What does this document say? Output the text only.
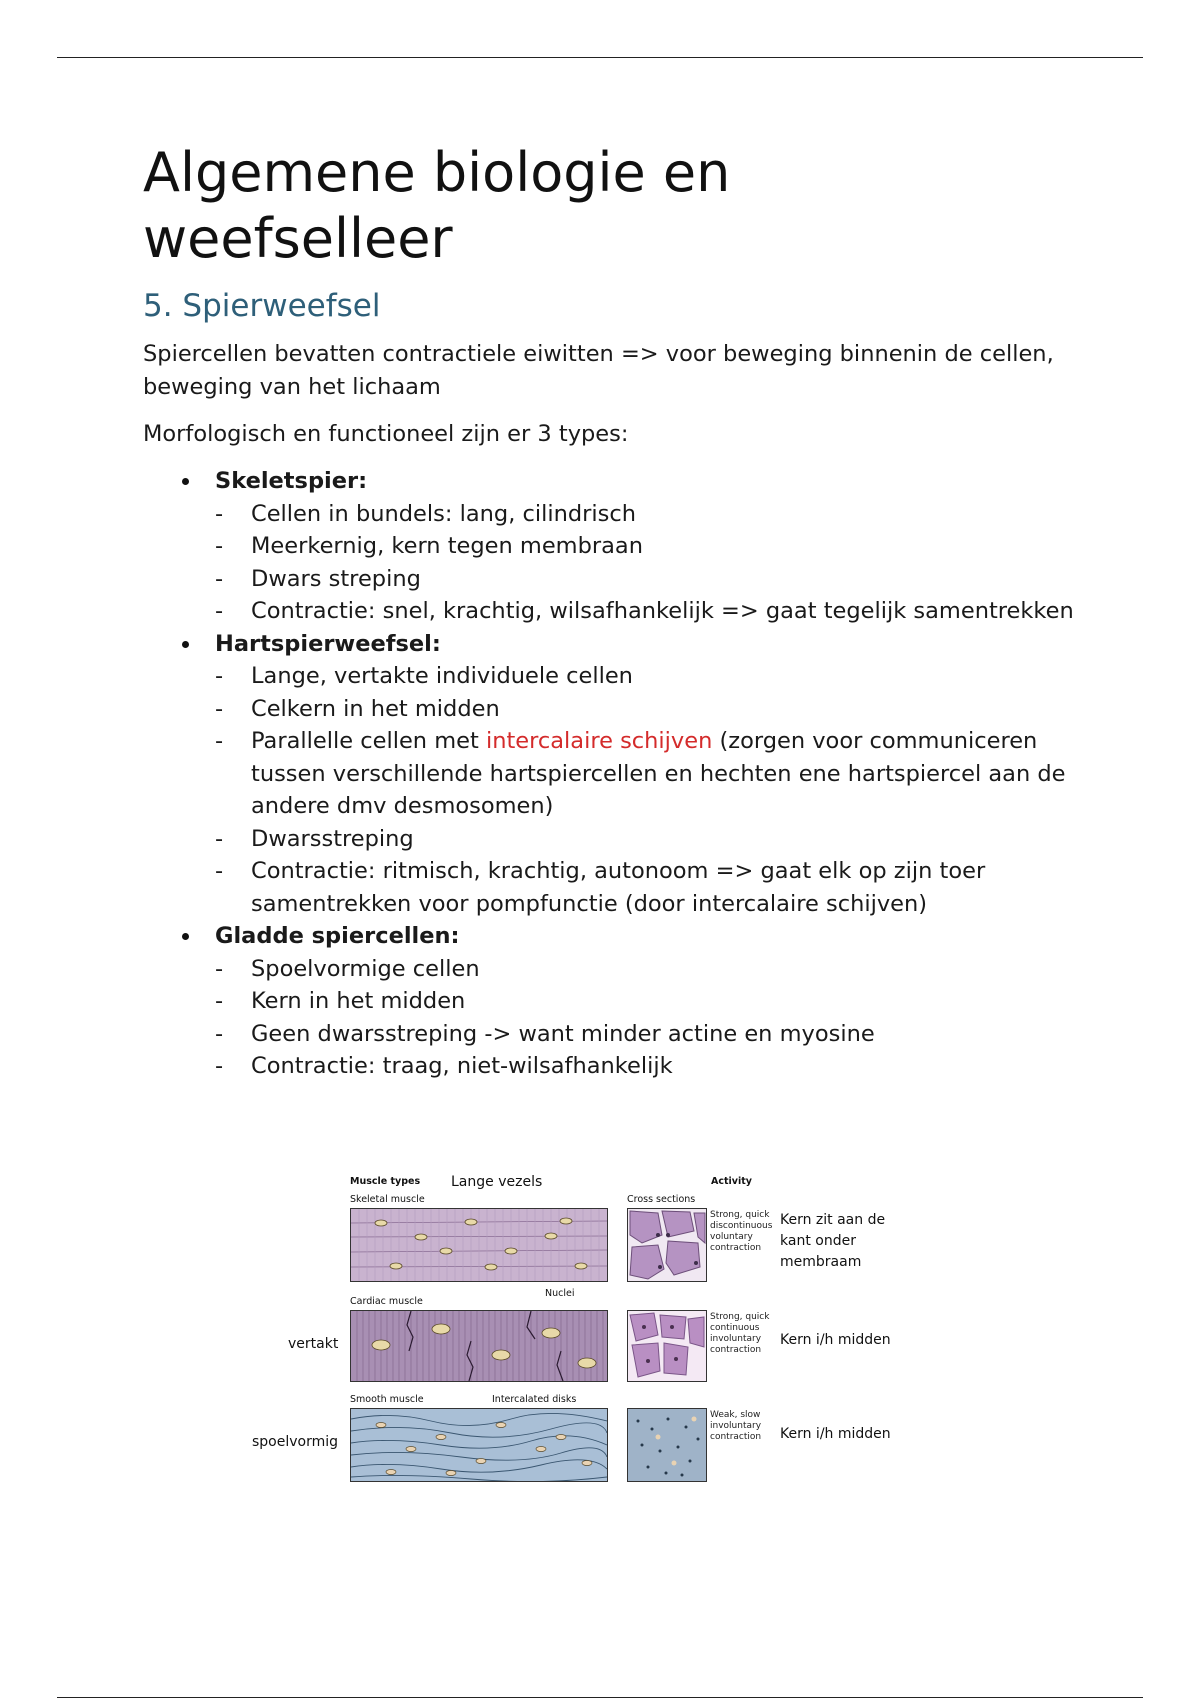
Algemene biologie en weefselleer
5. Spierweefsel

Spiercellen bevatten contractiele eiwitten => voor beweging binnenin de cellen, beweging van het lichaam

Morfologisch en functioneel zijn er 3 types:

Skeletspier:
- Cellen in bundels: lang, cilindrisch
- Meerkernig, kern tegen membraan
- Dwars streping
- Contractie: snel, krachtig, wilsafhankelijk => gaat tegelijk samentrekken
Hartspierweefsel:
- Lange, vertakte individuele cellen
- Celkern in het midden
- Parallelle cellen met intercalaire schijven (zorgen voor communiceren tussen verschillende hartspiercellen en hechten ene hartspiercel aan de andere dmv desmosomen)
- Dwarsstreping
- Contractie: ritmisch, krachtig, autonoom => gaat elk op zijn toer samentrekken voor pompfunctie (door intercalaire schijven)
Gladde spiercellen:
- Spoelvormige cellen
- Kern in het midden
- Geen dwarsstreping -> want minder actine en myosine
- Contractie: traag, niet-wilsafhankelijk
Muscle types Lange vezels	Activity
Skeletal muscle	Cross sections
Strong, quick
discontinuous
voluntary
contraction
Kern zit aan de kant onder membraam
Cardiac muscle
Nuclei
vertakt
Strong, quick
continuous
involuntary
contraction
Kern i/h midden
Smooth muscle	Intercalated disks
spoelvormig
Weak, slow
involuntary
contraction	Kern i/h midden
